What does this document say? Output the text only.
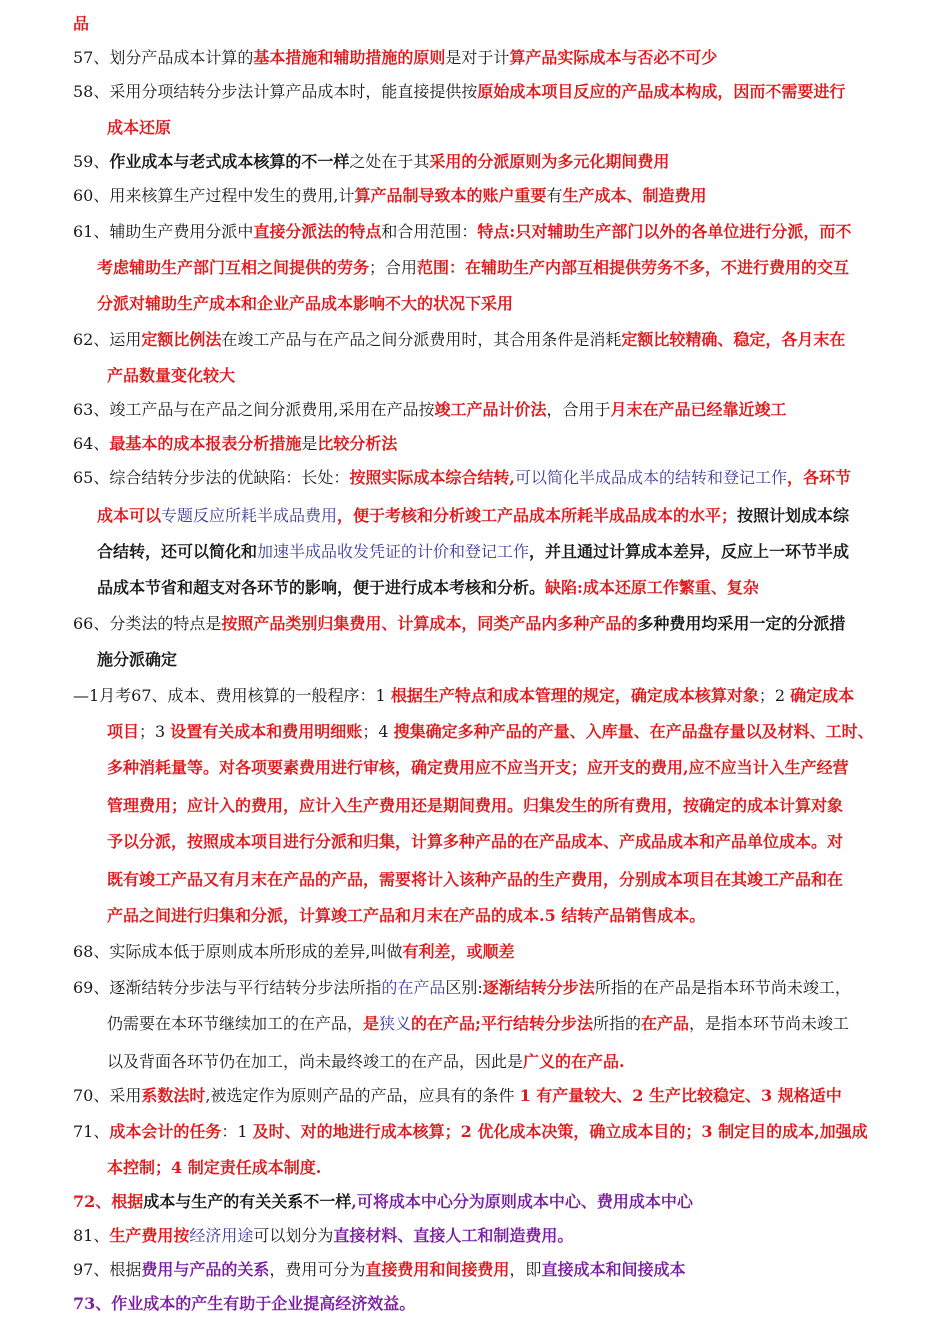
品
57、划分产品成本计算的基本措施和辅助措施的原则是对于计算产品实际成本与否必不可少
58、采用分项结转分步法计算产品成本时，能直接提供按原始成本项目反应的产品成本构成，因而不需要进行
成本还原
59、作业成本与老式成本核算的不一样之处在于其采用的分派原则为多元化期间费用
60、用来核算生产过程中发生的费用,计算产品制导致本的账户重要有生产成本、制造费用
61、辅助生产费用分派中直接分派法的特点和合用范围：特点:只对辅助生产部门以外的各单位进行分派，而不
考虑辅助生产部门互相之间提供的劳务；合用范围：在辅助生产内部互相提供劳务不多，不进行费用的交互
分派对辅助生产成本和企业产品成本影响不大的状况下采用
62、运用定额比例法在竣工产品与在产品之间分派费用时，其合用条件是消耗定额比较精确、稳定，各月末在
产品数量变化较大
63、竣工产品与在产品之间分派费用,采用在产品按竣工产品计价法，合用于月末在产品已经靠近竣工
64、最基本的成本报表分析措施是比较分析法
65、综合结转分步法的优缺陷：长处：按照实际成本综合结转,可以简化半成品成本的结转和登记工作，各环节
成本可以专题反应所耗半成品费用，便于考核和分析竣工产品成本所耗半成品成本的水平；按照计划成本综
合结转，还可以简化和加速半成品收发凭证的计价和登记工作，并且通过计算成本差异，反应上一环节半成
品成本节省和超支对各环节的影响，便于进行成本考核和分析。缺陷:成本还原工作繁重、复杂
66、分类法的特点是按照产品类别归集费用、计算成本，同类产品内多种产品的多种费用均采用一定的分派措
施分派确定
—1月考67、成本、费用核算的一般程序：1 根据生产特点和成本管理的规定，确定成本核算对象；2 确定成本
项目；3 设置有关成本和费用明细账；4 搜集确定多种产品的产量、入库量、在产品盘存量以及材料、工时、
多种消耗量等。对各项要素费用进行审核，确定费用应不应当开支；应开支的费用,应不应当计入生产经营
管理费用；应计入的费用，应计入生产费用还是期间费用。归集发生的所有费用，按确定的成本计算对象
予以分派，按照成本项目进行分派和归集，计算多种产品的在产品成本、产成品成本和产品单位成本。对
既有竣工产品又有月末在产品的产品，需要将计入该种产品的生产费用，分别成本项目在其竣工产品和在
产品之间进行归集和分派，计算竣工产品和月末在产品的成本.5 结转产品销售成本。
68、实际成本低于原则成本所形成的差异,叫做有利差，或顺差
69、逐渐结转分步法与平行结转分步法所指的在产品区别:逐渐结转分步法所指的在产品是指本环节尚未竣工，
仍需要在本环节继续加工的在产品，是狭义的在产品;平行结转分步法所指的在产品，是指本环节尚未竣工
以及背面各环节仍在加工，尚未最终竣工的在产品，因此是广义的在产品.
70、采用系数法时,被选定作为原则产品的产品，应具有的条件 1 有产量较大、2 生产比较稳定、3 规格适中
71、成本会计的任务：1 及时、对的地进行成本核算；2 优化成本决策，确立成本目的；3 制定目的成本,加强成
本控制；4 制定责任成本制度.
72、根据成本与生产的有关关系不一样,可将成本中心分为原则成本中心、费用成本中心
81、生产费用按经济用途可以划分为直接材料、直接人工和制造费用。
97、根据费用与产品的关系，费用可分为直接费用和间接费用，即直接成本和间接成本
73、作业成本的产生有助于企业提高经济效益。
